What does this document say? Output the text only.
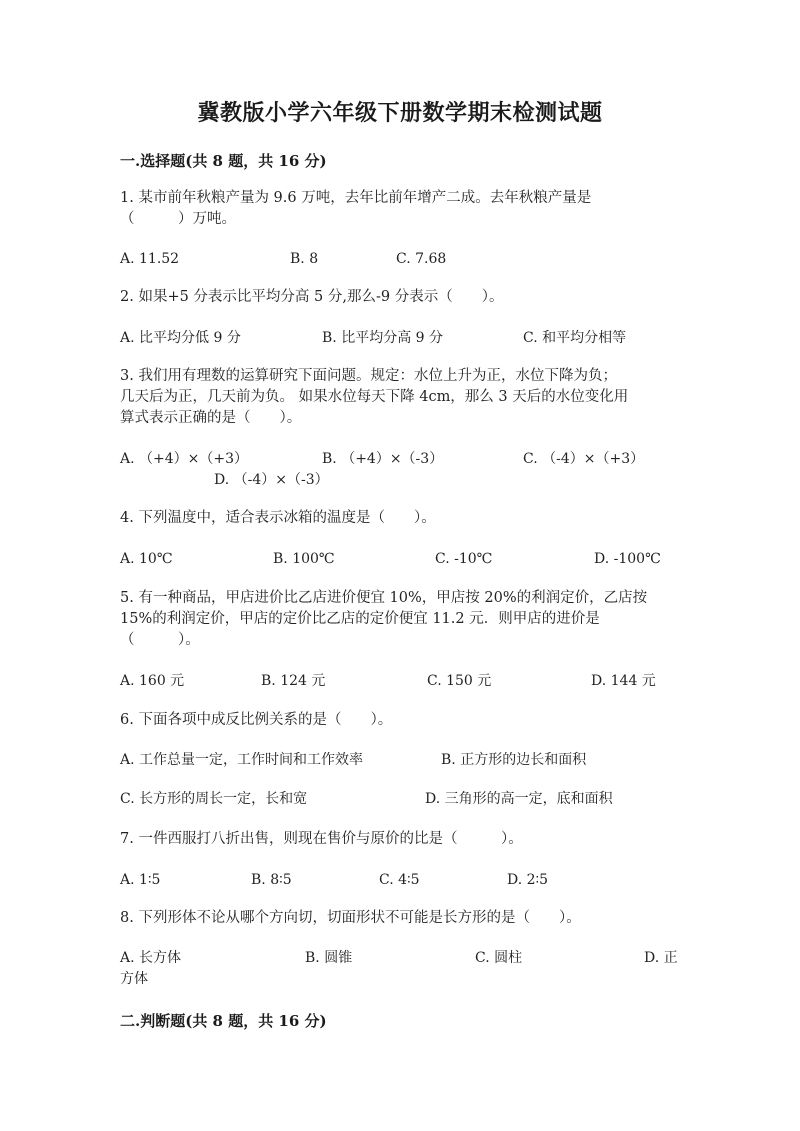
冀教版小学六年级下册数学期末检测试题
一.选择题(共 8 题，共 16 分)
1. 某市前年秋粮产量为 9.6 万吨，去年比前年增产二成。去年秋粮产量是
（　　　）万吨。
A. 11.52	B. 8	C. 7.68
2. 如果+5 分表示比平均分高 5 分,那么-9 分表示（　　）。
A. 比平均分低 9 分	B. 比平均分高 9 分	C. 和平均分相等
3. 我们用有理数的运算研究下面问题。规定：水位上升为正，水位下降为负；
几天后为正，几天前为负。 如果水位每天下降 4cm，那么 3 天后的水位变化用
算式表示正确的是（　　）。
A. （+4）×（+3）	B. （+4）×（-3）	C. （-4）×（+3）
D. （-4）×（-3）
4. 下列温度中，适合表示冰箱的温度是（　　）。
A. 10℃	B. 100℃	C. -10℃	D. -100℃
5. 有一种商品，甲店进价比乙店进价便宜 10%，甲店按 20%的利润定价，乙店按
15%的利润定价，甲店的定价比乙店的定价便宜 11.2 元．则甲店的进价是
（　　　）。
A. 160 元	B. 124 元	C. 150 元	D. 144 元
6. 下面各项中成反比例关系的是（　　）。
A. 工作总量一定，工作时间和工作效率	B. 正方形的边长和面积
C. 长方形的周长一定，长和宽	D. 三角形的高一定，底和面积
7. 一件西服打八折出售，则现在售价与原价的比是（　　　）。
A. 1∶5	B. 8∶5	C. 4∶5	D. 2∶5
8. 下列形体不论从哪个方向切，切面形状不可能是长方形的是（　　）。
A. 长方体	B. 圆锥	C. 圆柱	D. 正
方体
二.判断题(共 8 题，共 16 分)
